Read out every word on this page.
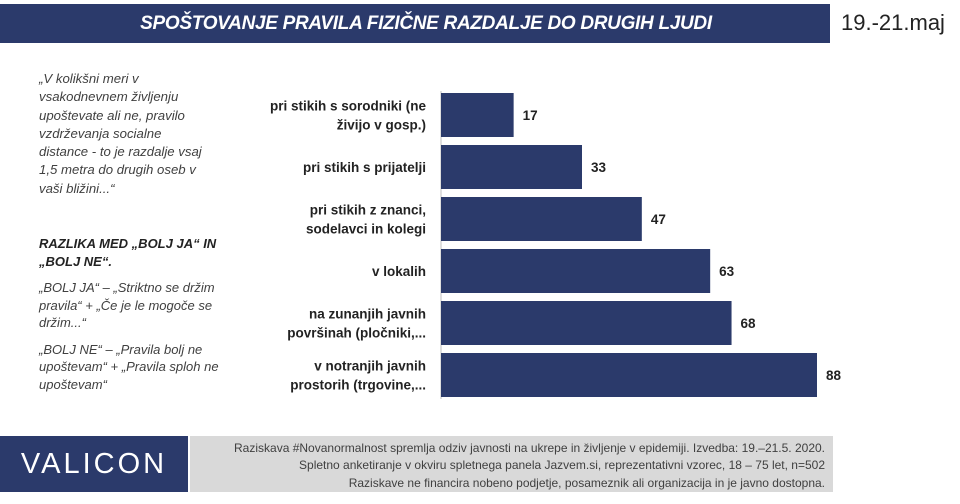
SPOŠTOVANJE PRAVILA FIZIČNE RAZDALJE DO DRUGIH LJUDI	19.-21.maj
„V kolikšni meri v vsakodnevnem življenju upoštevate ali ne, pravilo vzdrževanja socialne distance - to je razdalje vsaj 1,5 metra do drugih oseb v vaši bližini...“
RAZLIKA MED „BOLJ JA“ IN „BOLJ NE“.
„BOLJ JA“ – „Striktno se držim pravila“ + „Če je le mogoče se držim...“
„BOLJ NE“ – „Pravila bolj ne upoštevam“ + „Pravila sploh ne upoštevam“
17
pri stikih s sorodniki (ne
živijo v gosp.)
33
pri stikih s prijatelji
47
pri stikih z znanci,
sodelavci in kolegi
63
v lokalih
68
na zunanjih javnih
površinah (pločniki,...
88
v notranjih javnih
prostorih (trgovine,...
VALICON	Raziskava #Novanormalnost spremlja odziv javnosti na ukrepe in življenje v epidemiji. Izvedba: 19.–21.5. 2020.
Spletno anketiranje v okviru spletnega panela Jazvem.si, reprezentativni vzorec, 18 – 75 let, n=502
Raziskave ne financira nobeno podjetje, posameznik ali organizacija in je javno dostopna.
